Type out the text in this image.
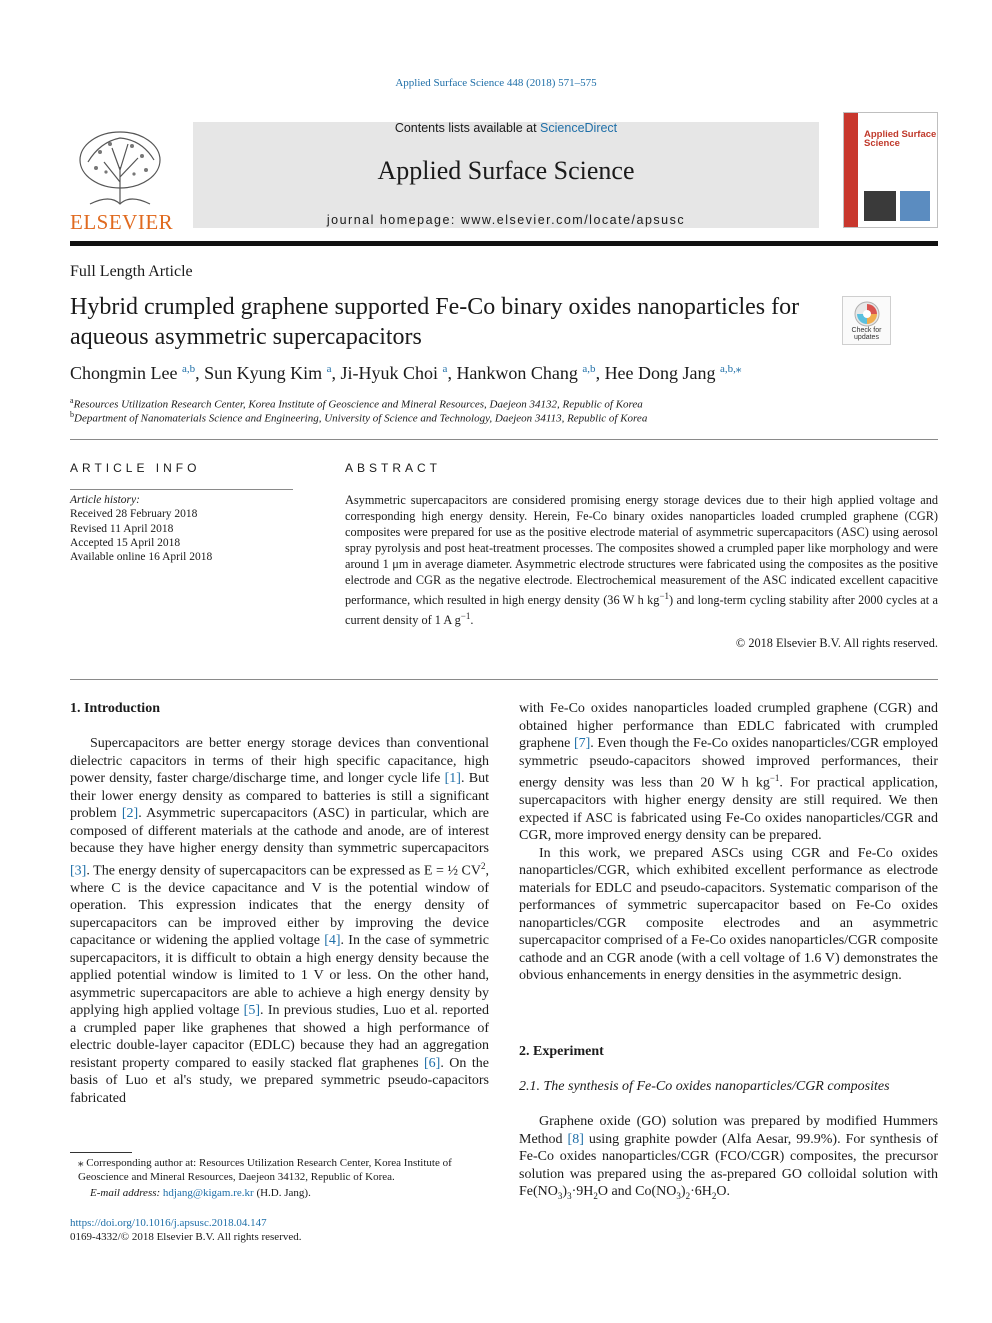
Applied Surface Science 448 (2018) 571–575
ELSEVIER
Contents lists available at ScienceDirect
Applied Surface Science
journal homepage: www.elsevier.com/locate/apsusc
Applied Surface Science
Full Length Article
Hybrid crumpled graphene supported Fe-Co binary oxides nanoparticles for aqueous asymmetric supercapacitors	Check for updates
Chongmin Lee $^{a,b}$, Sun Kyung Kim $^a$, Ji-Hyuk Choi $^a$, Hankwon Chang $^{a,b}$, Hee Dong Jang $^{a,b,⁎}$
$^a$Resources Utilization Research Center, Korea Institute of Geoscience and Mineral Resources, Daejeon 34132, Republic of Korea
$^b$Department of Nanomaterials Science and Engineering, University of Science and Technology, Daejeon 34113, Republic of Korea
ARTICLE INFO
Article history:
Received 28 February 2018
Revised 11 April 2018
Accepted 15 April 2018
Available online 16 April 2018
ABSTRACT
Asymmetric supercapacitors are considered promising energy storage devices due to their high applied voltage and corresponding high energy density. Herein, Fe-Co binary oxides nanoparticles loaded crumpled graphene (CGR) composites were prepared for use as the positive electrode material of asymmetric supercapacitors (ASC) using aerosol spray pyrolysis and post heat-treatment processes. The composites showed a crumpled paper like morphology and were around 1 μm in average diameter. Asymmetric electrode structures were fabricated using the composites as the positive electrode and CGR as the negative electrode. Electrochemical measurement of the ASC indicated excellent capacitive performance, which resulted in high energy density (36 W h $kg^{-1}$) and long-term cycling stability after 2000 cycles at a current density of 1 A $g^{-1}$.
© 2018 Elsevier B.V. All rights reserved.
1. Introduction

Supercapacitors are better energy storage devices than conventional dielectric capacitors in terms of their high specific capacitance, high power density, faster charge/discharge time, and longer cycle life [1]. But their lower energy density as compared to batteries is still a significant problem [2]. Asymmetric supercapacitors (ASC) in particular, which are composed of different materials at the cathode and anode, are of interest because they have higher energy density than symmetric supercapacitors [3]. The energy density of supercapacitors can be expressed as E = ½ $CV^2$, where C is the device capacitance and V is the potential window of operation. This expression indicates that the energy density of supercapacitors can be improved either by improving the device capacitance or widening the applied voltage [4]. In the case of symmetric supercapacitors, it is difficult to obtain a high energy density because the applied potential window is limited to 1 V or less. On the other hand, asymmetric supercapacitors are able to achieve a high energy density by applying high applied voltage [5]. In previous studies, Luo et al. reported a crumpled paper like graphenes that showed a high performance of electric double-layer capacitor (EDLC) because they had an aggregation resistant property compared to easily stacked flat graphenes [6]. On the basis of Luo et al's study, we prepared symmetric pseudo-capacitors fabricated

with Fe-Co oxides nanoparticles loaded crumpled graphene (CGR) and obtained higher performance than EDLC fabricated with crumpled graphene [7]. Even though the Fe-Co oxides nanoparticles/CGR employed symmetric pseudo-capacitors showed improved performances, their energy density was less than 20 W h $kg^{-1}$. For practical application, supercapacitors with higher energy density are still required. We then expected if ASC is fabricated using Fe-Co oxides nanoparticles/CGR and CGR, more improved energy density can be prepared.

In this work, we prepared ASCs using CGR and Fe-Co oxides nanoparticles/CGR, which exhibited excellent performance as electrode materials for EDLC and pseudo-capacitors. Systematic comparison of the performances of symmetric supercapacitor based on Fe-Co oxides nanoparticles/CGR composite electrodes and an asymmetric supercapacitor comprised of a Fe-Co oxides nanoparticles/CGR composite cathode and an CGR anode (with a cell voltage of 1.6 V) demonstrates the obvious enhancements in energy densities in the asymmetric design.

2. Experiment
2.1. The synthesis of Fe-Co oxides nanoparticles/CGR composites

Graphene oxide (GO) solution was prepared by modified Hummers Method [8] using graphite powder (Alfa Aesar, 99.9%). For synthesis of Fe-Co oxides nanoparticles/CGR (FCO/CGR) composites, the precursor solution was prepared using the as-prepared GO colloidal solution with $Fe(NO_3)_3\cdot 9H_2O$ and $Co(NO_3)_2\cdot 6H_2O$.

⁎ Corresponding author at: Resources Utilization Research Center, Korea Institute of Geoscience and Mineral Resources, Daejeon 34132, Republic of Korea.
E-mail address: hdjang@kigam.re.kr (H.D. Jang).
https://doi.org/10.1016/j.apsusc.2018.04.147
0169-4332/© 2018 Elsevier B.V. All rights reserved.
